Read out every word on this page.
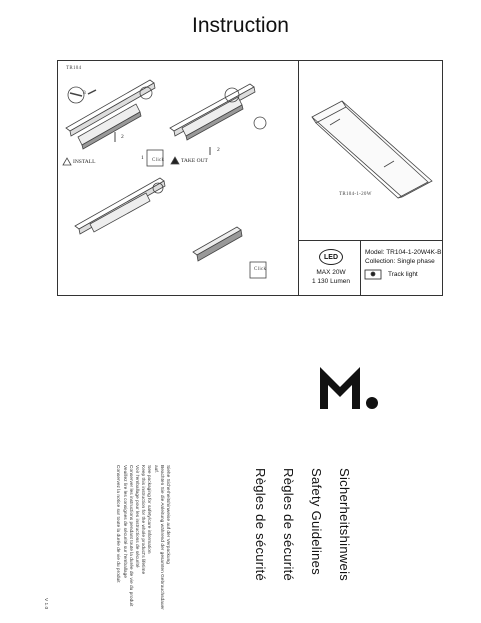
Instruction
TR104
3
2
2
1
INSTALL	TAKE OUT
Click
Click
TR104-1-20W
LED
MAX 20W
1 130 Lumen
Model: TR104-1-20W4K-B
Collection: Single phase
Track light
Sicherheitshinweis
Safety Guidelines
Règles de sécurité
Règles de sécurité
Siehe Sicherheitshinweise auf der Verpackung
Beachten Sie die Anleitung während der gesamten Gebrauchsdauer
auf.
See packaging for safety/care information
Keep this instruction for the whole product's lifetime
Voir l'emballage pour les instructions de sécurité
Conserver les instructions pendant toute la durée de vie du produit
Veuillez lire les consignes de sécurité sur l'emballage
Conservez la notice sur toute la durée de vie du produit
V 1.0
